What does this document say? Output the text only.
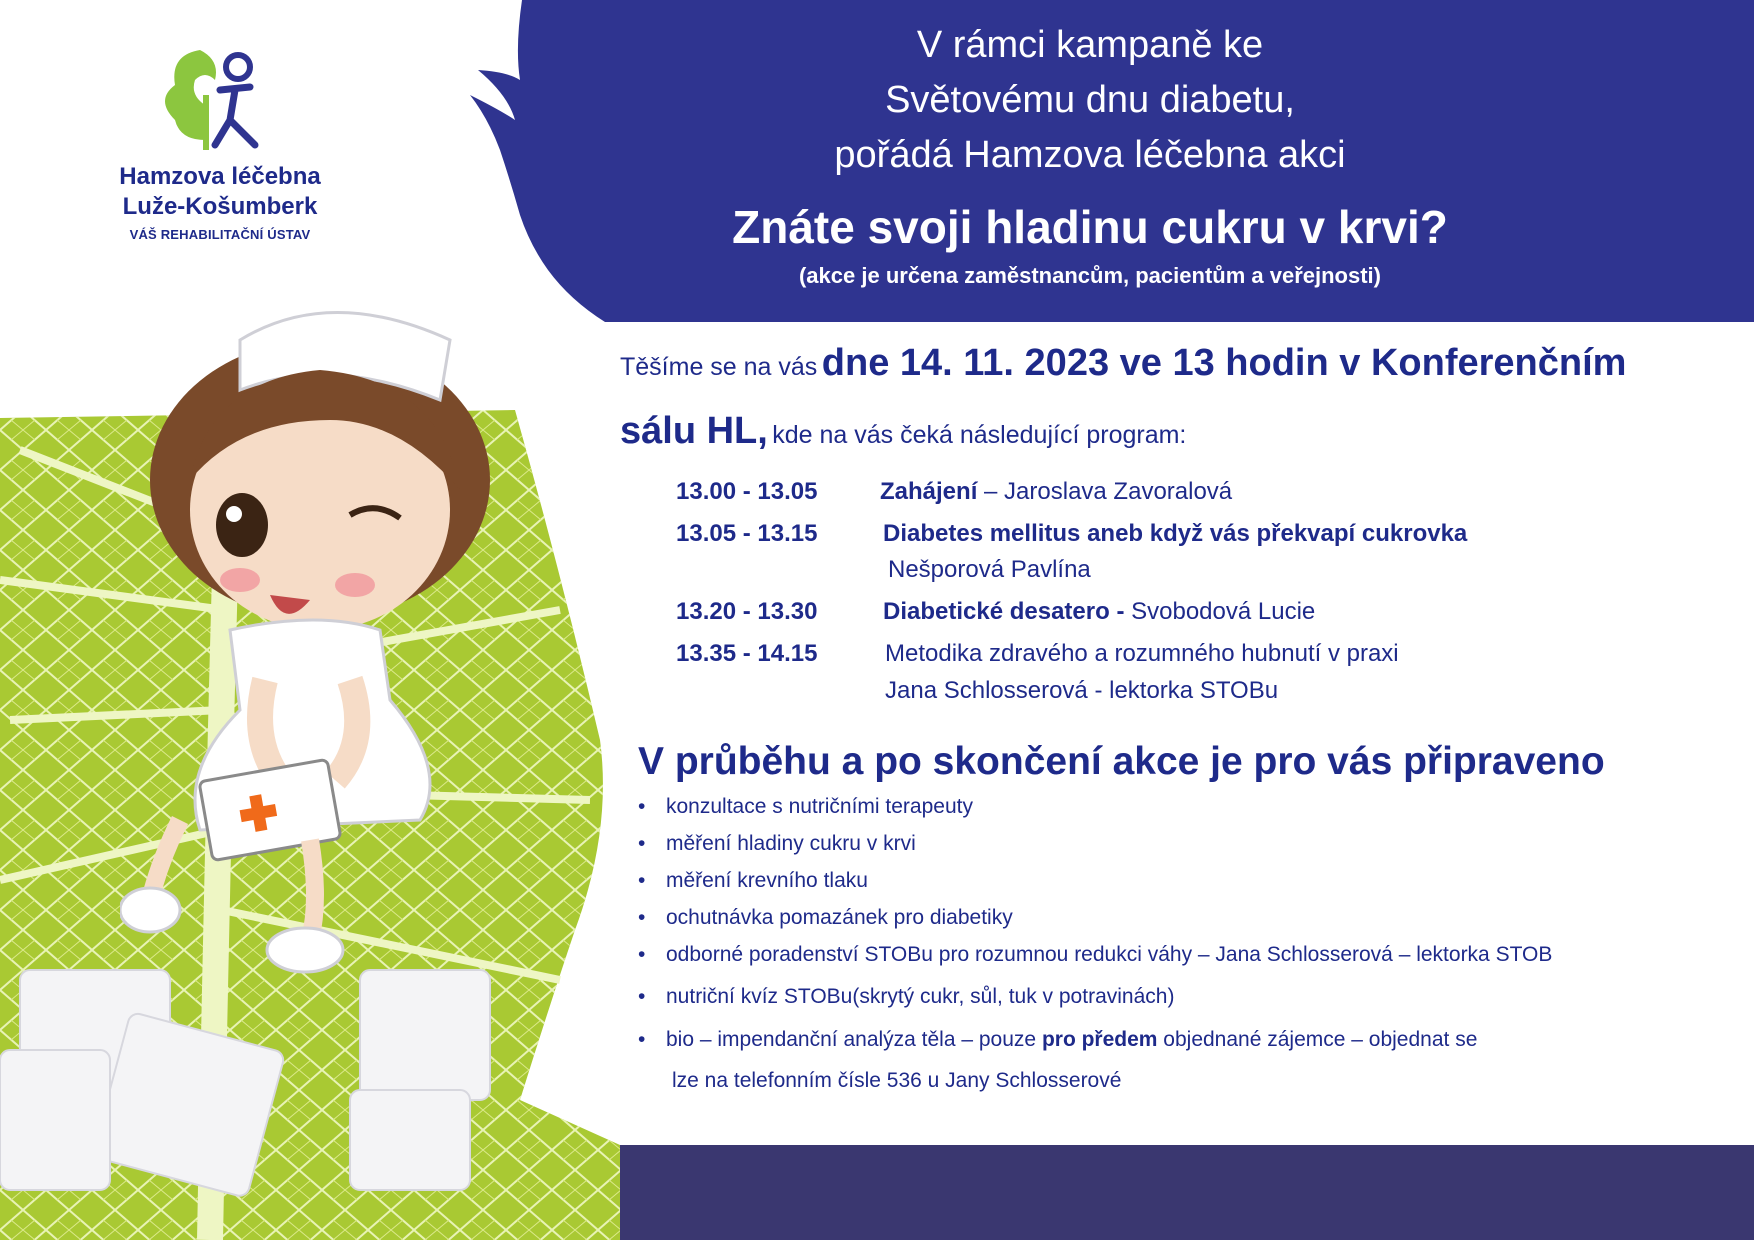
Hamzova léčebna
Luže-Košumberk
VÁŠ REHABILITAČNÍ ÚSTAV
V rámci kampaně ke
Světovému dnu diabetu,
pořádá Hamzova léčebna akci
Znáte svoji hladinu cukru v krvi?
(akce je určena zaměstnancům, pacientům a veřejnosti)
Těšíme se na vás dne 14. 11. 2023 ve 13 hodin v Konferenčním
sálu HL, kde na vás čeká následující program:
13.00 - 13.05	Zahájení – Jaroslava Zavoralová
13.05 - 13.15	Diabetes mellitus aneb když vás překvapí cukrovka
Nešporová Pavlína
13.20 - 13.30	Diabetické desatero - Svobodová Lucie
13.35 - 14.15	Metodika zdravého a rozumného hubnutí v praxi
Jana Schlosserová - lektorka STOBu
V průběhu a po skončení akce je pro vás připraveno
• konzultace s nutričními terapeuty
• měření hladiny cukru v krvi
• měření krevního tlaku
• ochutnávka pomazánek pro diabetiky
• odborné poradenství STOBu pro rozumnou redukci váhy – Jana Schlosserová – lektorka STOB
• nutriční kvíz STOBu(skrytý cukr, sůl, tuk v potravinách)
• bio – impendanční analýza těla – pouze pro předem objednané zájemce – objednat se
lze na telefonním čísle 536 u Jany Schlosserové
